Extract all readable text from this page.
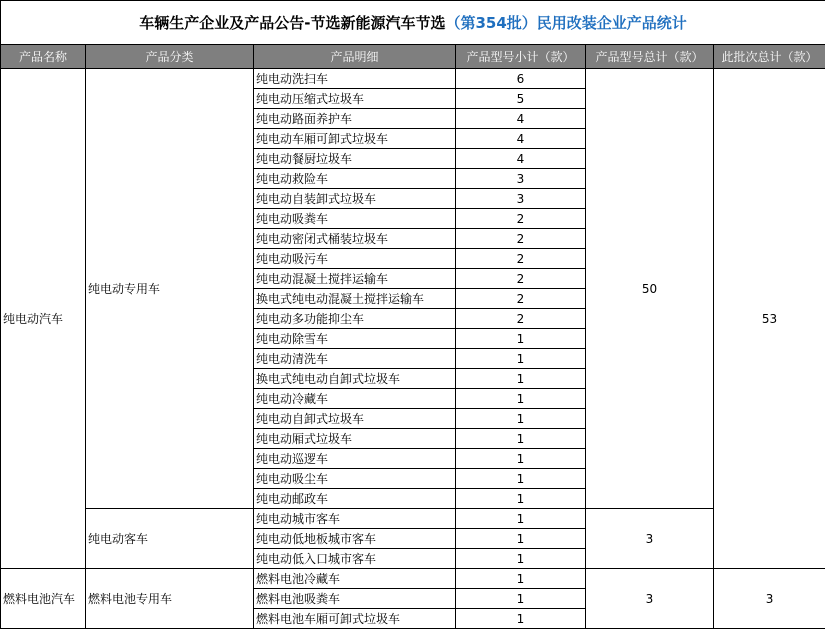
车辆生产企业及产品公告-节选新能源汽车节选（第354批）民用改装企业产品统计					
产品名称	产品分类	产品明细	产品型号小计（款）	产品型号总计（款）	此批次总计（款）
纯电动汽车	纯电动专用车	纯电动洗扫车	6	50	53
		纯电动压缩式垃圾车	5		
		纯电动路面养护车	4		
		纯电动车厢可卸式垃圾车	4		
		纯电动餐厨垃圾车	4		
		纯电动救险车	3		
		纯电动自装卸式垃圾车	3		
		纯电动吸粪车	2		
		纯电动密闭式桶装垃圾车	2		
		纯电动吸污车	2		
		纯电动混凝土搅拌运输车	2		
		换电式纯电动混凝土搅拌运输车	2		
		纯电动多功能抑尘车	2		
		纯电动除雪车	1		
		纯电动清洗车	1		
		换电式纯电动自卸式垃圾车	1		
		纯电动冷藏车	1		
		纯电动自卸式垃圾车	1		
		纯电动厢式垃圾车	1		
		纯电动巡逻车	1		
		纯电动吸尘车	1		
		纯电动邮政车	1		
	纯电动客车	纯电动城市客车	1	3	
		纯电动低地板城市客车	1		
		纯电动低入口城市客车	1		
燃料电池汽车	燃料电池专用车	燃料电池冷藏车	1	3	3
		燃料电池吸粪车	1		
		燃料电池车厢可卸式垃圾车	1		
